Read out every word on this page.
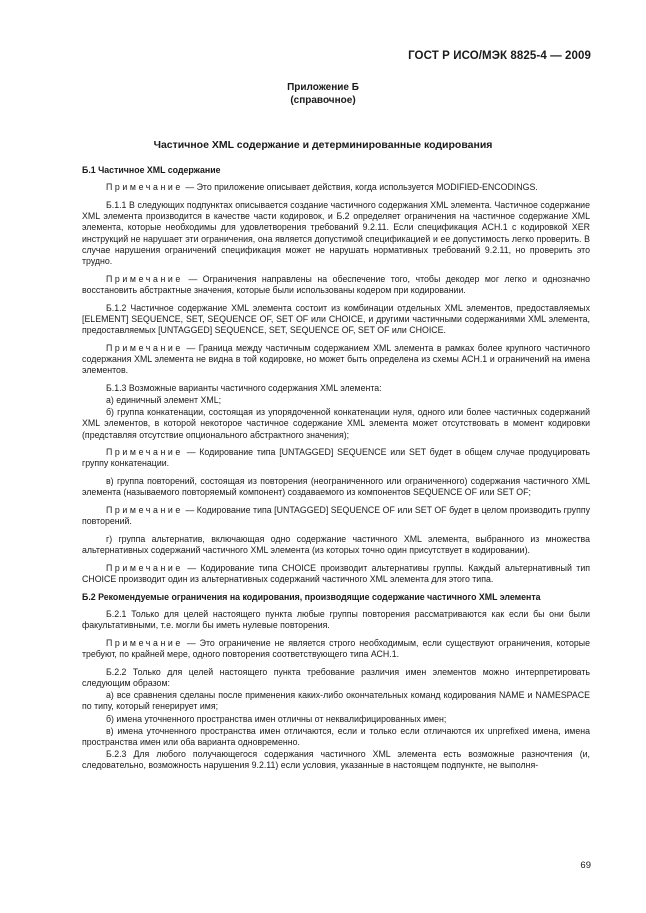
ГОСТ Р ИСО/МЭК 8825-4 — 2009
Приложение Б
(справочное)
Частичное XML содержание и детерминированные кодирования

Б.1 Частичное XML содержание

Примечание — Это приложение описывает действия, когда используется MODIFIED-ENCODINGS.

Б.1.1 В следующих подпунктах описывается создание частичного содержания XML элемента. Частичное содержание XML элемента производится в качестве части кодировок, и Б.2 определяет ограничения на частичное содержание XML элемента, которые необходимы для удовлетворения требований 9.2.11. Если спецификация АСН.1 с кодировкой XER инструкций не нарушает эти ограничения, она является допустимой спецификацией и ее допустимость легко проверить. В случае нарушения ограничений спецификация может не нарушать нормативных требований 9.2.11, но проверить это трудно.

Примечание — Ограничения направлены на обеспечение того, чтобы декодер мог легко и однозначно восстановить абстрактные значения, которые были использованы кодером при кодировании.

Б.1.2 Частичное содержание XML элемента состоит из комбинации отдельных XML элементов, предоставляемых [ELEMENT] SEQUENCE, SET, SEQUENCE OF, SET OF или CHOICE, и другими частичными содержаниями XML элемента, предоставляемых [UNTAGGED] SEQUENCE, SET, SEQUENCE OF, SET OF или CHOICE.

Примечание — Граница между частичным содержанием XML элемента в рамках более крупного частичного содержания XML элемента не видна в той кодировке, но может быть определена из схемы АСН.1 и ограничений на имена элементов.

Б.1.3 Возможные варианты частичного содержания XML элемента:

а) единичный элемент XML;

б) группа конкатенации, состоящая из упорядоченной конкатенации нуля, одного или более частичных содержаний XML элементов, в которой некоторое частичное содержание XML элемента может отсутствовать в момент кодировки (представляя отсутствие опционального абстрактного значения);

Примечание — Кодирование типа [UNTAGGED] SEQUENCE или SET будет в общем случае продуцировать группу конкатенации.

в) группа повторений, состоящая из повторения (неограниченного или ограниченного) содержания частичного XML элемента (называемого повторяемый компонент) создаваемого из компонентов SEQUENCE OF или SET OF;

Примечание — Кодирование типа [UNTAGGED] SEQUENCE OF или SET OF будет в целом производить группу повторений.

г) группа альтернатив, включающая одно содержание частичного XML элемента, выбранного из множества альтернативных содержаний частичного XML элемента (из которых точно один присутствует в кодировании).

Примечание — Кодирование типа CHOICE производит альтернативы группы. Каждый альтернативный тип CHOICE производит один из альтернативных содержаний частичного XML элемента для этого типа.

Б.2 Рекомендуемые ограничения на кодирования, производящие содержание частичного XML элемента

Б.2.1 Только для целей настоящего пункта любые группы повторения рассматриваются как если бы они были факультативными, т.е. могли бы иметь нулевые повторения.

Примечание — Это ограничение не является строго необходимым, если существуют ограничения, которые требуют, по крайней мере, одного повторения соответствующего типа АСН.1.

Б.2.2 Только для целей настоящего пункта требование различия имен элементов можно интерпретировать следующим образом:

а) все сравнения сделаны после применения каких-либо окончательных команд кодирования NAME и NAMESPACE по типу, который генерирует имя;

б) имена уточненного пространства имен отличны от неквалифицированных имен;

в) имена уточненного пространства имен отличаются, если и только если отличаются их unprefixed имена, имена пространства имен или оба варианта одновременно.

Б.2.3 Для любого получающегося содержания частичного XML элемента есть возможные разночтения (и, следовательно, возможность нарушения 9.2.11) если условия, указанные в настоящем подпункте, не выполня-

69
